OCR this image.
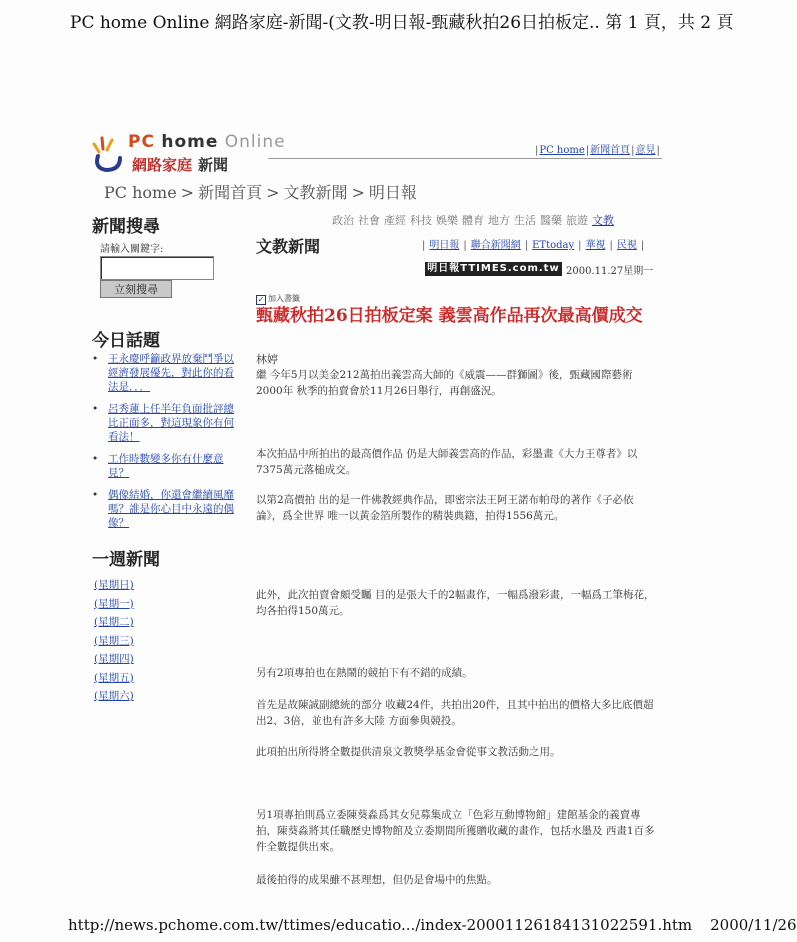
PC home Online 網路家庭-新聞-(文教-明日報-甄藏秋拍26日拍板定.. 第 1 頁，共 2 頁
PC home Online
網路家庭 新聞
|PC home|新聞首頁|意見|
PC home > 新聞首頁 > 文教新聞 > 明日報
新聞搜尋
請輸入關鍵字:
立刻搜尋
今日話題
• 王永慶呼籲政界放棄鬥爭以經濟發展優先，對此你的看法是．．．
• 呂秀蓮上任半年負面批評總比正面多，對這現象你有何看法！
• 工作時數變多你有什麼意見？
• 偶像結婚，你還會繼續風靡嗎？誰是你心目中永遠的偶像？
一週新聞
(星期日)
(星期一)
(星期二)
(星期三)
(星期四)
(星期五)
(星期六)
政治 社會 產經 科技 娛樂 體育 地方 生活 醫藥 旅遊 文教
文教新聞	| 明日報 | 聯合新聞網 | ETtoday | 華視 | 民視 |
明日報TTIMES.com.tw 2000.11.27星期一
✓ 加入書籤
甄藏秋拍26日拍板定案 義雲高作品再次最高價成交
林婷
繼 今年5月以美金212萬拍出義雲高大師的《威震——群獅圖》後，甄藏國際藝術2000年 秋季的拍賣會於11月26日舉行，再創盛況。
本次拍品中所拍出的最高價作品 仍是大師義雲高的作品，彩墨畫《大力王尊者》以7375萬元落槌成交。
以第2高價拍 出的是一件佛教經典作品，即密宗法王阿王諾布帕母的著作《子必依論》，爲全世界 唯一以黃金箔所製作的精裝典籍，拍得1556萬元。
此外，此次拍賣會頗受矚 目的是張大千的2幅畫作，一幅爲潑彩畫，一幅爲工筆梅花，均各拍得150萬元。
另有2項專拍也在熱鬧的競拍下有不錯的成績。
首先是故陳誠副總統的部分 收藏24件，共拍出20件，且其中拍出的價格大多比底價超出2、3倍，並也有許多大陸 方面參與競投。
此項拍出所得將全數提供清泉文教獎學基金會從事文教活動之用。
另1項專拍則爲立委陳葵淼爲其女兒募集成立「色彩互動博物館」建館基金的義賣專拍，陳葵淼將其任職歷史博物館及立委期間所獲贈收藏的畫作，包括水墨及 西畫1百多件全數提供出來。
最後拍得的成果雖不甚理想，但仍是會場中的焦點。
http://news.pchome.com.tw/ttimes/educatio.../index-20001126184131022591.htm 2000/11/26
